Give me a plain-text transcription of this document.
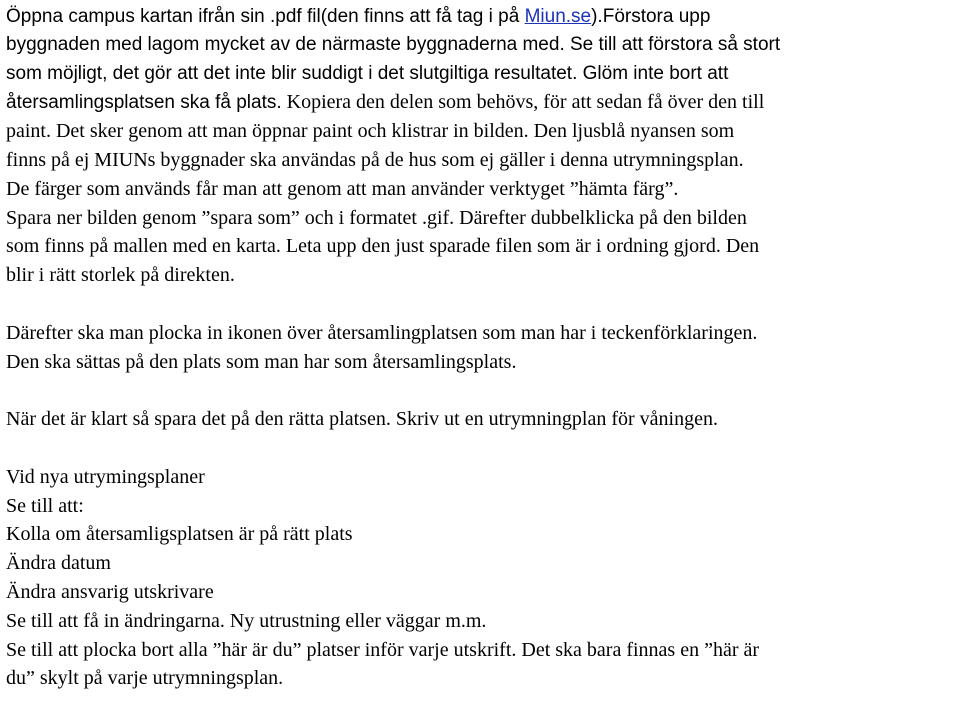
Öppna campus kartan ifrån sin .pdf fil(den finns att få tag i på Miun.se).Förstora upp
byggnaden med lagom mycket av de närmaste byggnaderna med. Se till att förstora så stort
som möjligt, det gör att det inte blir suddigt i det slutgiltiga resultatet. Glöm inte bort att
återsamlingsplatsen ska få plats. Kopiera den delen som behövs, för att sedan få över den till
paint. Det sker genom att man öppnar paint och klistrar in bilden. Den ljusblå nyansen som
finns på ej MIUNs byggnader ska användas på de hus som ej gäller i denna utrymningsplan.
De färger som används får man att genom att man använder verktyget ”hämta färg”.
Spara ner bilden genom ”spara som” och i formatet .gif. Därefter dubbelklicka på den bilden
som finns på mallen med en karta. Leta upp den just sparade filen som är i ordning gjord. Den
blir i rätt storlek på direkten.
Därefter ska man plocka in ikonen över återsamlingplatsen som man har i teckenförklaringen.
Den ska sättas på den plats som man har som återsamlingsplats.
När det är klart så spara det på den rätta platsen. Skriv ut en utrymningplan för våningen.
Vid nya utrymingsplaner
Se till att:
Kolla om återsamligsplatsen är på rätt plats
Ändra datum
Ändra ansvarig utskrivare
Se till att få in ändringarna. Ny utrustning eller väggar m.m.
Se till att plocka bort alla ”här är du” platser inför varje utskrift. Det ska bara finnas en ”här är
du” skylt på varje utrymningsplan.
